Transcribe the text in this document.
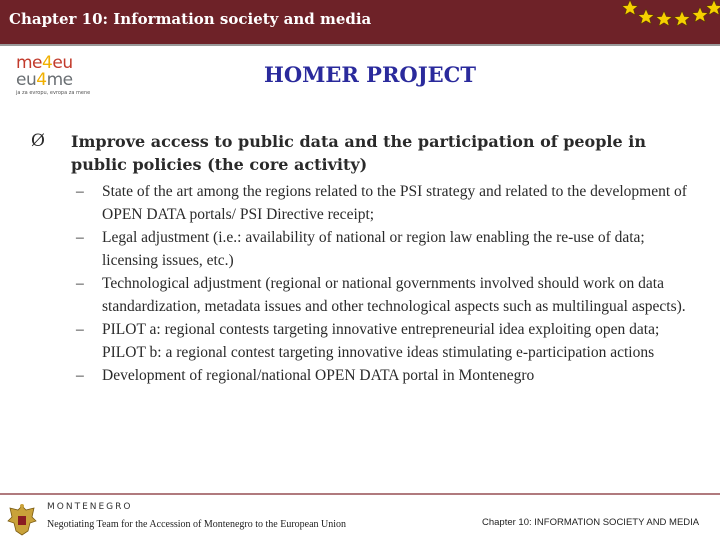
Chapter 10: Information society and media
me4eu
eu4me
ja za evropu, evropa za mene
HOMER PROJECT
Ø Improve access to public data and the participation of people in public policies (the core activity)
– State of the art among the regions related to the PSI strategy and related to the development of OPEN DATA portals/ PSI Directive receipt;
– Legal adjustment (i.e.: availability of national or region law enabling the re-use of data; licensing issues, etc.)
– Technological adjustment (regional or national governments involved should work on data standardization, metadata issues and other technological aspects such as multilingual aspects).
– PILOT a: regional contests targeting innovative entrepreneurial idea exploiting open data; PILOT b: a regional contest targeting innovative ideas stimulating e-participation actions
– Development of regional/national OPEN DATA portal in Montenegro
MONTENEGRO
Negotiating Team for the Accession of Montenegro to the European Union	Chapter 10: INFORMATION SOCIETY AND MEDIA
